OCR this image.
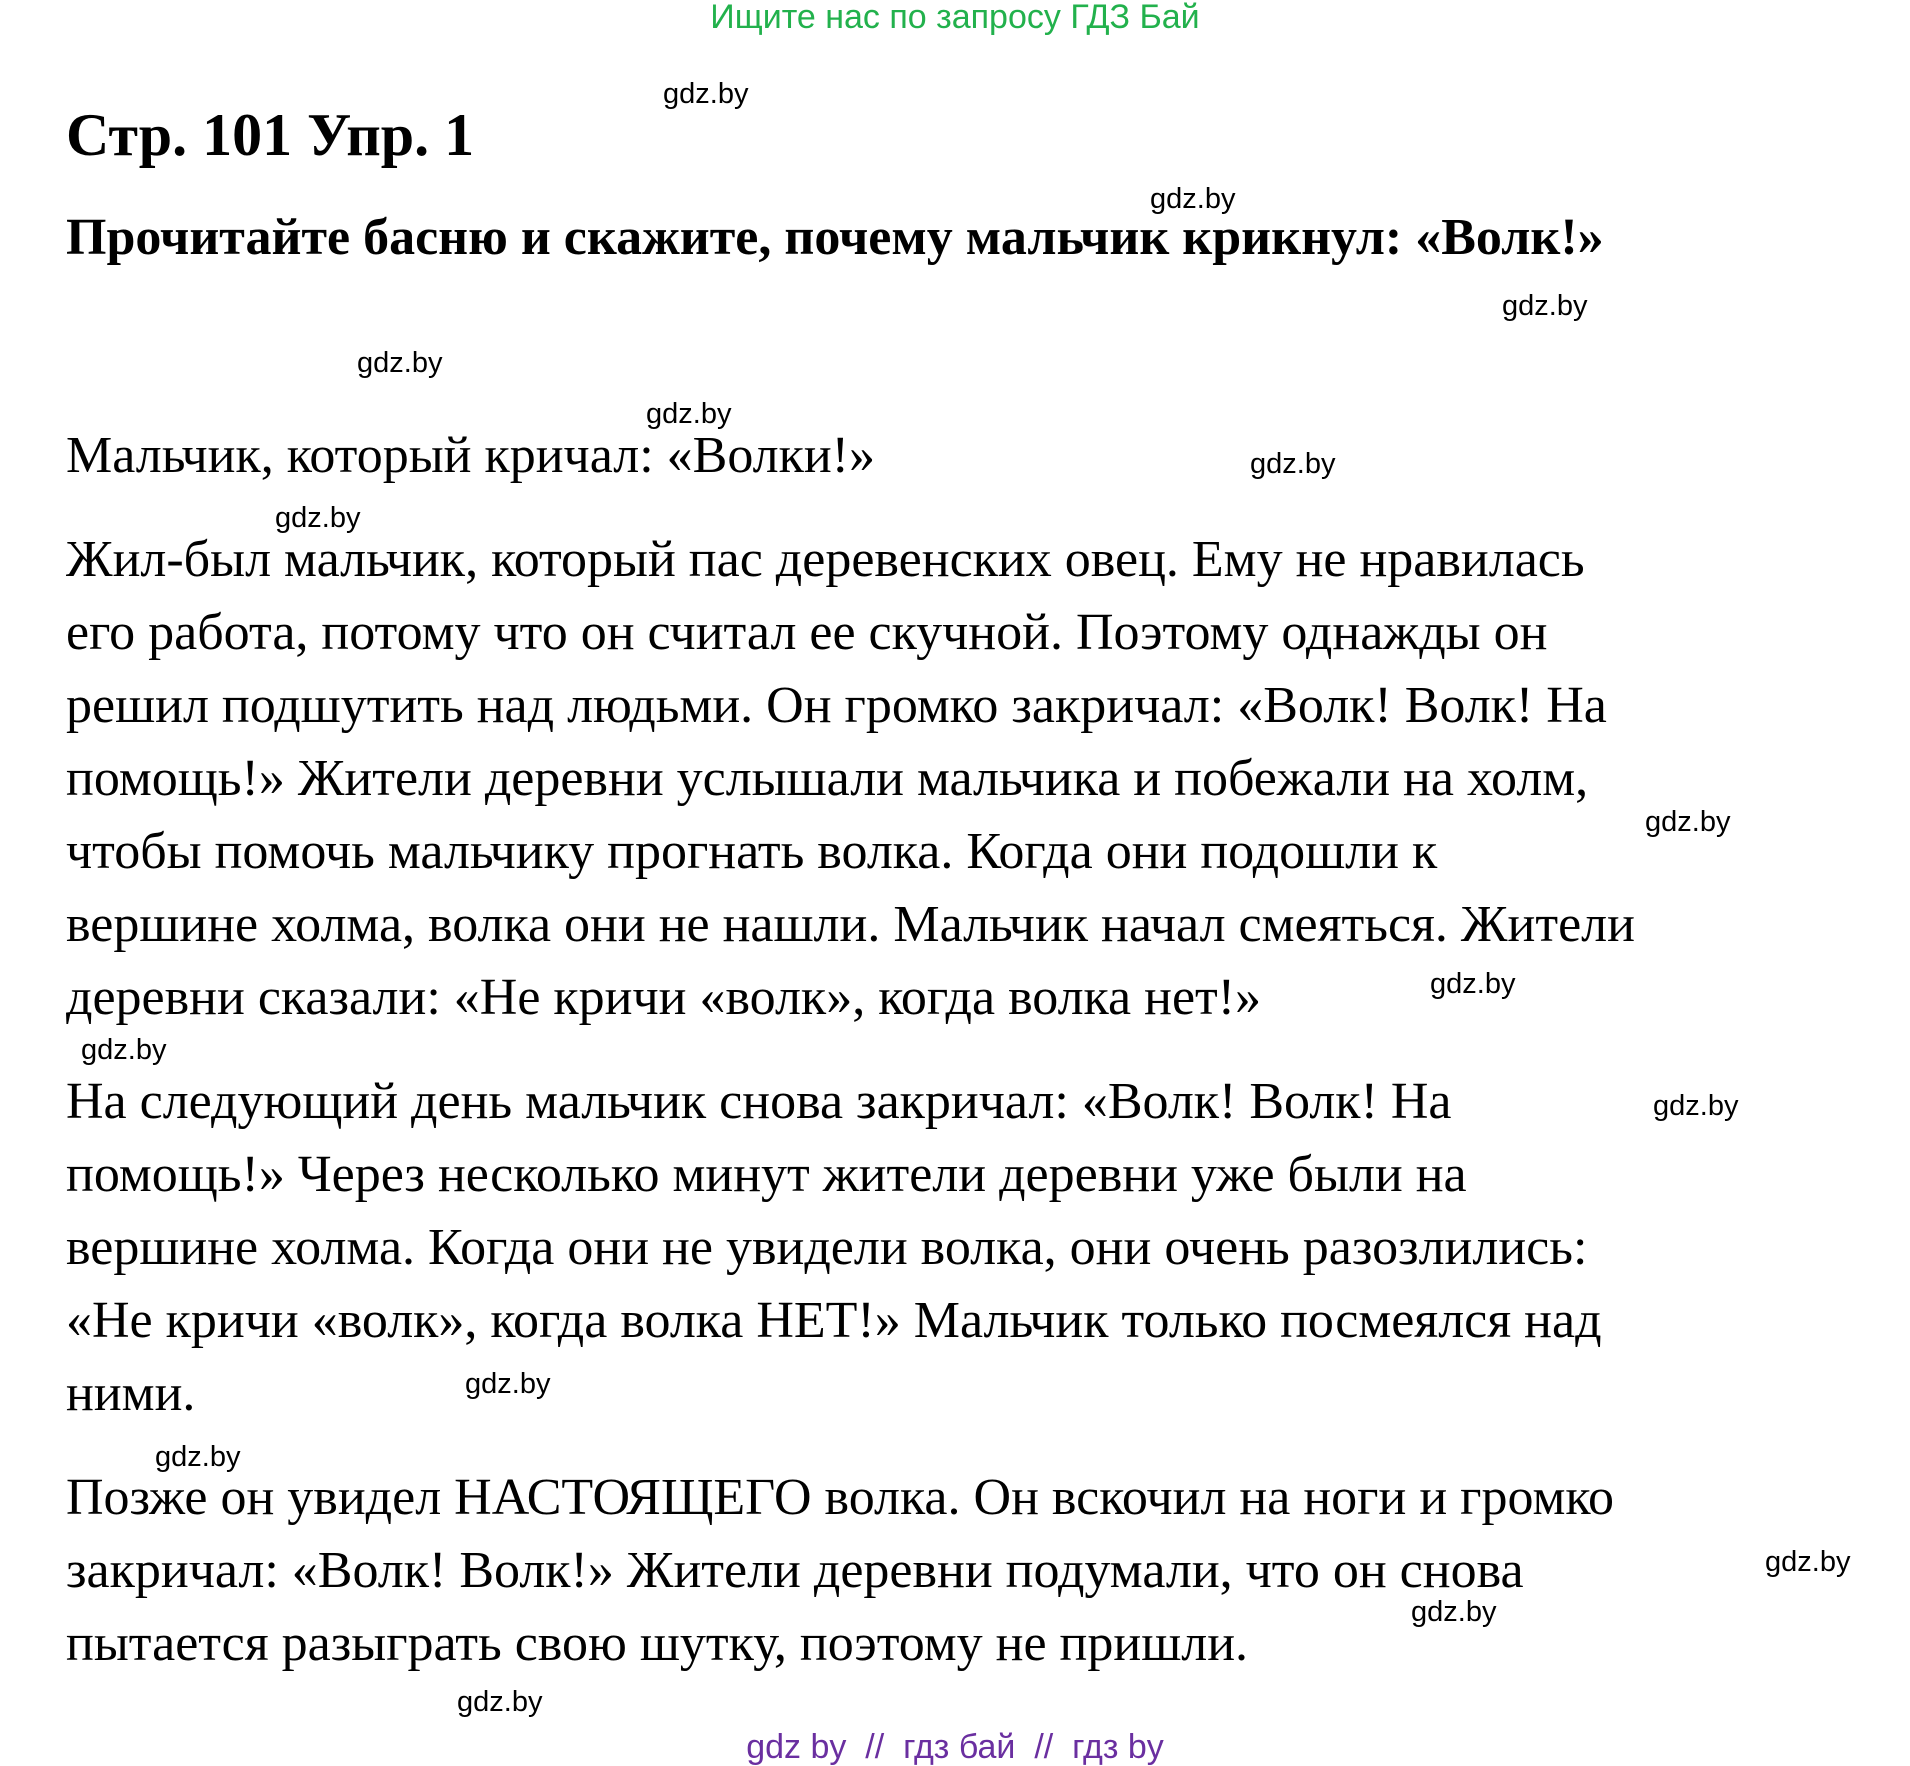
Ищите нас по запросу ГДЗ Бай
Стр. 101 Упр. 1
Прочитайте басню и скажите, почему мальчик крикнул: «Волк!»
Мальчик, который кричал: «Волки!»
Жил-был мальчик, который пас деревенских овец. Ему не нравилась
его работа, потому что он считал ее скучной. Поэтому однажды он
решил подшутить над людьми. Он громко закричал: «Волк! Волк! На
помощь!» Жители деревни услышали мальчика и побежали на холм,
чтобы помочь мальчику прогнать волка. Когда они подошли к
вершине холма, волка они не нашли. Мальчик начал смеяться. Жители
деревни сказали: «Не кричи «волк», когда волка нет!»
На следующий день мальчик снова закричал: «Волк! Волк! На
помощь!» Через несколько минут жители деревни уже были на
вершине холма. Когда они не увидели волка, они очень разозлились:
«Не кричи «волк», когда волка НЕТ!» Мальчик только посмеялся над
ними.
Позже он увидел НАСТОЯЩЕГО волка. Он вскочил на ноги и громко
закричал: «Волк! Волк!» Жители деревни подумали, что он снова
пытается разыграть свою шутку, поэтому не пришли.
gdz.by
gdz.by
gdz.by
gdz.by
gdz.by
gdz.by
gdz.by
gdz.by
gdz.by
gdz.by
gdz.by
gdz.by
gdz.by
gdz.by
gdz.by
gdz.by
gdz by  //  гдз бай  //  гдз by
